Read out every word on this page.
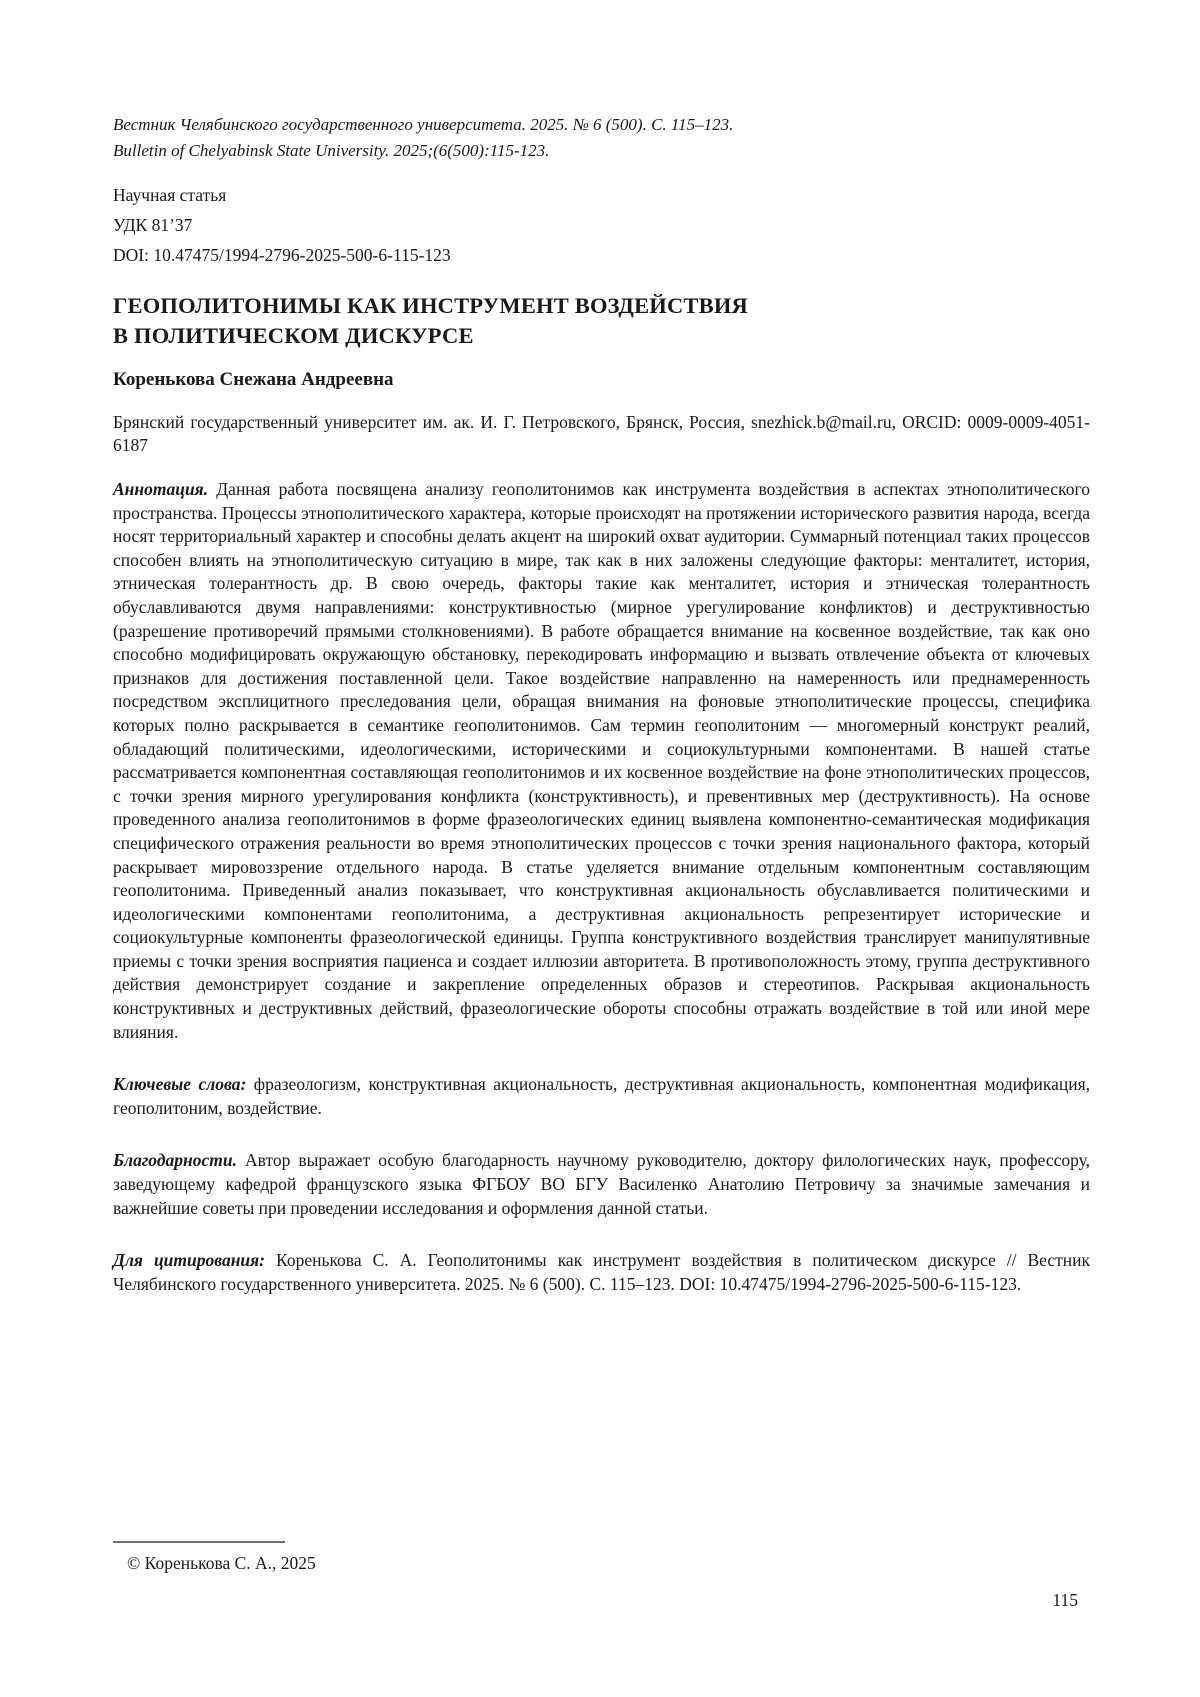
Вестник Челябинского государственного университета. 2025. № 6 (500). С. 115–123.

Bulletin of Chelyabinsk State University. 2025;(6(500):115-123.

Научная статья

УДК 81’37

DOI: 10.47475/1994-2796-2025-500-6-115-123

ГЕОПОЛИТОНИМЫ КАК ИНСТРУМЕНТ ВОЗДЕЙСТВИЯ
В ПОЛИТИЧЕСКОМ ДИСКУРСЕ

Коренькова Снежана Андреевна

Брянский государственный университет им. ак. И. Г. Петровского, Брянск, Россия, snezhick.b@mail.ru, ORCID: 0009-0009-4051-6187

Аннотация. Данная работа посвящена анализу геополитонимов как инструмента воздействия в аспектах этнополитического пространства. Процессы этнополитического характера, которые происходят на протяжении исторического развития народа, всегда носят территориальный характер и способны делать акцент на широкий охват аудитории. Суммарный потенциал таких процессов способен влиять на этнополитическую ситуацию в мире, так как в них заложены следующие факторы: менталитет, история, этническая толерантность др. В свою очередь, факторы такие как менталитет, история и этническая толерантность обуславливаются двумя направлениями: конструктивностью (мирное урегулирование конфликтов) и деструктивностью (разрешение противоречий прямыми столкновениями). В работе обращается внимание на косвенное воздействие, так как оно способно модифицировать окружающую обстановку, перекодировать информацию и вызвать отвлечение объекта от ключевых признаков для достижения поставленной цели. Такое воздействие направленно на намеренность или преднамеренность посредством эксплицитного преследования цели, обращая внимания на фоновые этнополитические процессы, специфика которых полно раскрывается в семантике геополитонимов. Сам термин геополитоним — многомерный конструкт реалий, обладающий политическими, идеологическими, историческими и социокультурными компонентами. В нашей статье рассматривается компонентная составляющая геополитонимов и их косвенное воздействие на фоне этнополитических процессов, с точки зрения мирного урегулирования конфликта (конструктивность), и превентивных мер (деструктивность). На основе проведенного анализа геополитонимов в форме фразеологических единиц выявлена компонентно-семантическая модификация специфического отражения реальности во время этнополитических процессов с точки зрения национального фактора, который раскрывает мировоззрение отдельного народа. В статье уделяется внимание отдельным компонентным составляющим геополитонима. Приведенный анализ показывает, что конструктивная акциональность обуславливается политическими и идеологическими компонентами геополитонима, а деструктивная акциональность репрезентирует исторические и социокультурные компоненты фразеологической единицы. Группа конструктивного воздействия транслирует манипулятивные приемы с точки зрения восприятия пациенса и создает иллюзии авторитета. В противоположность этому, группа деструктивного действия демонстрирует создание и закрепление определенных образов и стереотипов. Раскрывая акциональность конструктивных и деструктивных действий, фразеологические обороты способны отражать воздействие в той или иной мере влияния.

Ключевые слова: фразеологизм, конструктивная акциональность, деструктивная акциональность, компонентная модификация, геополитоним, воздействие.

Благодарности. Автор выражает особую благодарность научному руководителю, доктору филологических наук, профессору, заведующему кафедрой французского языка ФГБОУ ВО БГУ Василенко Анатолию Петровичу за значимые замечания и важнейшие советы при проведении исследования и оформления данной статьи.

Для цитирования: Коренькова С. А. Геополитонимы как инструмент воздействия в политическом дискурсе // Вестник Челябинского государственного университета. 2025. № 6 (500). С. 115–123. DOI: 10.47475/1994-2796-2025-500-6-115-123.

© Коренькова С. А., 2025

115
